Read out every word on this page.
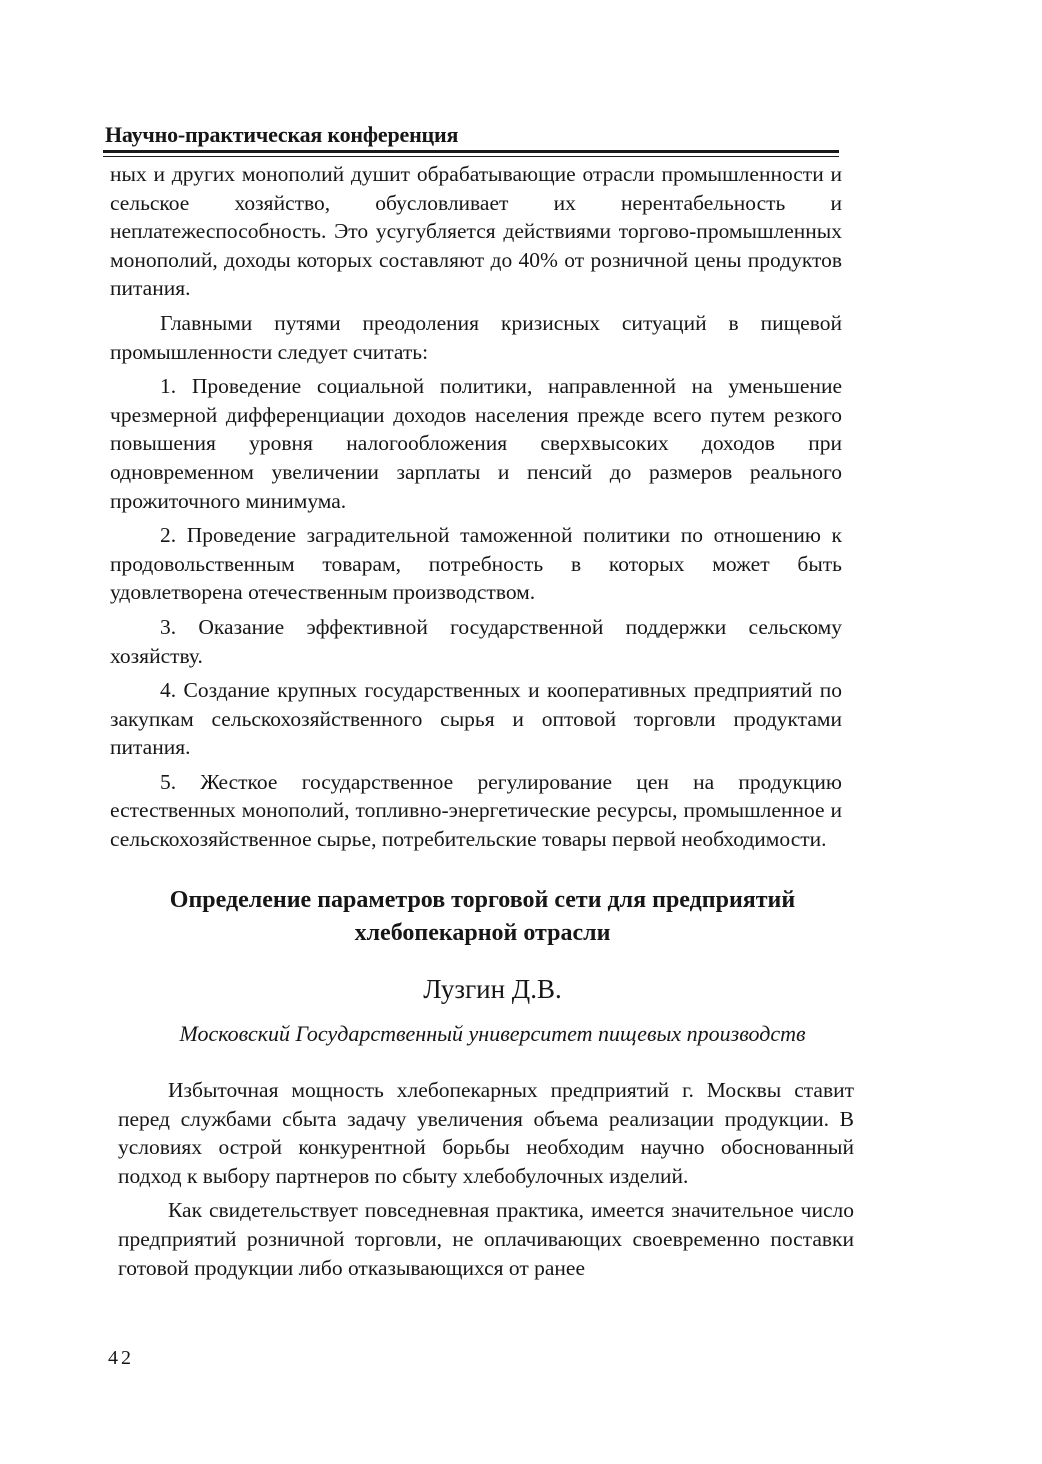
Научно-практическая конференция

ных и других монополий душит обрабатывающие отрасли промышленности и сельское хозяйство, обусловливает их нерентабельность и неплатежеспособность. Это усугубляется действиями торгово-промышленных монополий, доходы которых составляют до 40% от розничной цены продуктов питания.

Главными путями преодоления кризисных ситуаций в пищевой промышленности следует считать:

1. Проведение социальной политики, направленной на уменьшение чрезмерной дифференциации доходов населения прежде всего путем резкого повышения уровня налогообложения сверхвысоких доходов при одновременном увеличении зарплаты и пенсий до размеров реального прожиточного минимума.

2. Проведение заградительной таможенной политики по отношению к продовольственным товарам, потребность в которых может быть удовлетворена отечественным производством.

3. Оказание эффективной государственной поддержки сельскому хозяйству.

4. Создание крупных государственных и кооперативных предприятий по закупкам сельскохозяйственного сырья и оптовой торговли продуктами питания.

5. Жесткое государственное регулирование цен на продукцию естественных монополий, топливно-энергетические ресурсы, промышленное и сельскохозяйственное сырье, потребительские товары первой необходимости.

Определение параметров торговой сети для предприятий
хлебопекарной отрасли
Лузгин Д.В.
Московский Государственный университет пищевых производств

Избыточная мощность хлебопекарных предприятий г. Москвы ставит перед службами сбыта задачу увеличения объема реализации продукции. В условиях острой конкурентной борьбы необходим научно обоснованный подход к выбору партнеров по сбыту хлебобулочных изделий.

Как свидетельствует повседневная практика, имеется значительное число предприятий розничной торговли, не оплачивающих своевременно поставки готовой продукции либо отказывающихся от ранее

42
